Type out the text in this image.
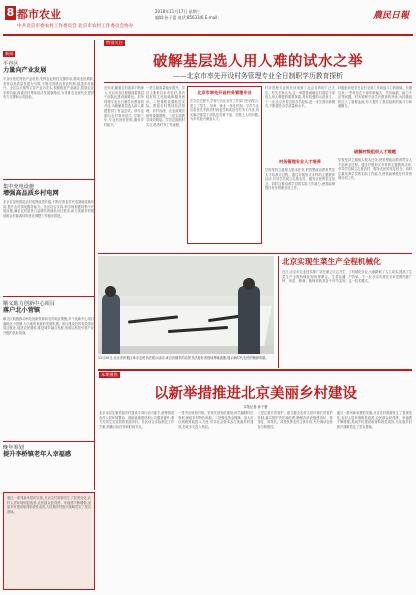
8 都市农业
中共北京市委农村工作委员会 北京市农村工作委员会协办
2018年11月17日 星期三
编辑:孙子蕾 电话:85633/6 E-mail:	農民日報
新闻
平谷区
力量向产业发展
平谷区依托特色产业优势,发挥农业科技支撑作用,推动农民增收,坚持以高质量发展为引领,不断完善联农带农机制,促进乡村振兴。全区以大桃等主导产业为龙头,积极推进产业融合,拓展农业多种功能,探索农村集体经济发展新路径,为首都农业现代化提供有力支撑和示范经验。
集中充电设施
增强高品质乡村电网
北京市加快推进农村电网改造升级,不断完善农村充电基础设施布局,提升农村供电服务能力。各区结合实际,科学规划建设集中充电设施,满足农村居民日益增长的绿色出行需求,助力美丽乡村建设和农村能源结构优化调整工作稳步推进。
顺义助力创新中心项目
落户北小营镇
顺义区积极推动科技创新资源向农村地区集聚,多个创新中心项目落地北小营镇,为当地带来新的发展机遇。项目建成后将有效带动周边就业,促进农民增收,推进城乡融合发展,形成以科技引领产业升级的良好局面。
晚年筹划
提升李桥镇老年人幸福感
特别关注
破解基层选人用人难的试水之举
——北京市率先开设村务管理专业全日制职学历教育探析
近年来,随着农村改革不断深入,北京市各区积极探索基层干部队伍建设新路径。村务管理专业全日制学历教育的开设,为破解基层选人用人难题提供了有益尝试。该专业面向农村青年招生,学制三年,毕业后回村任职,服务乡村振兴。
一是生源质量稳步提升。学员主要来自本市农村,具有较好的文化基础和服务意识。二是课程设置贴近实际。围绕农村集体经济管理、乡村治理、农业政策法规等设置课程。三是实践教学成效明显。学员定期到村实习,熟悉村务工作流程。
北京市率先开设村务管理专业
在办学过程中,学校与各区农村工作部门密切配合,建立了招生、培养、就业一体化机制。学员毕业后将优先安排到村两委任职或担任村务工作者,切实解决基层干部队伍青黄不接、后继乏人的问题,为乡村振兴储备人才。
村务管理专业的开设得到了社会各界的广泛关注。有关专家认为,这一举措是破解农村基层干部选人用人难题的重要探索,具有较强的示范意义。下一步,北京市将总结办学经验,进一步完善培养模式,不断提升办学质量和水平。
村务管理专业人才培养
学校坚持立德树人根本任务,把思想政治教育贯穿人才培养全过程。通过开展形式多样的主题教育活动,引导学员树立扎根农村、服务农民的坚定信念。同时注重培养学员的实际工作能力,使其能够胜任村务管理各项工作。
村级组织是党在农村全部工作和战斗力的基础。长期以来,一些村存在干部年龄偏大、学历偏低、能力不足等问题。村务管理专业学历教育的开设,为村级组织注入了新鲜血液,有力提升了基层组织的战斗力和凝聚力。
破解村级组织人才难题
学校坚持立德树人根本任务,把思想政治教育贯穿人才培养全过程。通过开展形式多样的主题教育活动,引导学员树立扎根农村、服务农民的坚定信念。同时注重培养学员的实际工作能力,使其能够胜任村务管理各项工作。
11月20日,北京市怀柔区举办农民书法展示活动,来自各镇乡的农民书法爱好者现场挥毫泼墨,展示新时代农民的精神风貌。
北京实现生菜生产全程机械化
近日,北京市农业技术推广站在顺义区召开生菜生产全程机械化现场观摩会。生菜从播种、育苗、移栽、植保到收获各个环节实现了机械化作业,大幅降低了人工成本,提高了生产效率。下一步,北京市将在全市范围内推广这一技术模式。
本期聚焦
以新举措推进北京美丽乡村建设
本报记者 孙子蕾
北京市以实施美丽乡村建设专项行动为抓手,统筹推进农村人居环境整治、基础设施建设和公共服务提升,着力打造生态宜居的美丽乡村。各区结合实际制定工作方案,明确目标任务和时间节点。
一是突出规划引领。坚持先规划后建设,科学编制村庄规划,保留乡村特色风貌。二是强化资金保障。加大市区两级财政投入力度,引导社会资本参与美丽乡村建设,形成多元投入格局。
三是注重长效管护。建立健全农村人居环境长效管护机制,落实管护责任和经费,确保各项设施建得好、管得住、用得长。四是发挥农民主体作用,充分调动农民参与积极性。
通过一系列新举措的实施,北京农村面貌发生了显著变化,农村人居环境明显改善,农民群众获得感、幸福感不断增强,美丽乡村建设取得阶段性成效,为实施乡村振兴战略奠定了坚实基础。
通过一系列新举措的实施,北京农村面貌发生了显著变化,农村人居环境明显改善,农民群众获得感、幸福感不断增强,美丽乡村建设取得阶段性成效,为实施乡村振兴战略奠定了坚实基础。
